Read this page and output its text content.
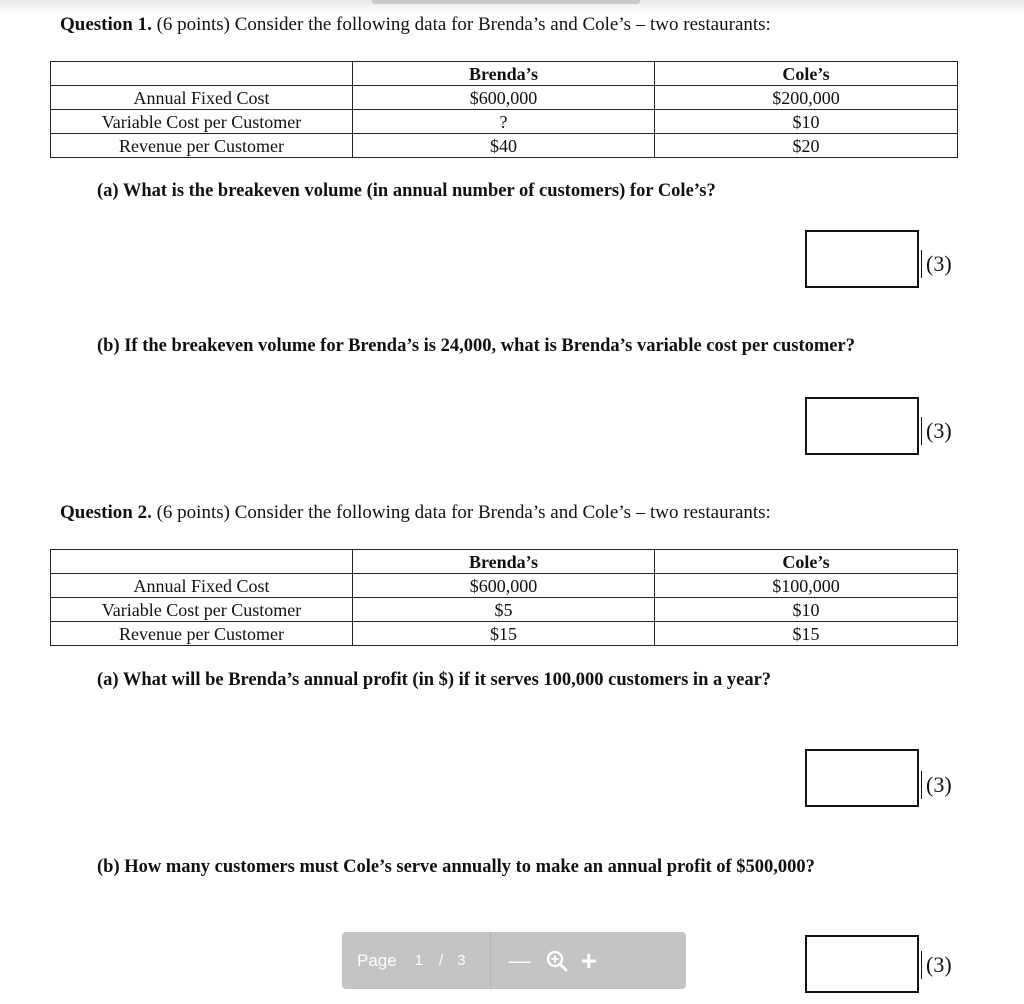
Question 1. (6 points) Consider the following data for Brenda’s and Cole’s – two restaurants:
	Brenda’s	Cole’s
Annual Fixed Cost	$600,000	$200,000
Variable Cost per Customer	?	$10
Revenue per Customer	$40	$20
(a) What is the breakeven volume (in annual number of customers) for Cole’s?
(3)
(b) If the breakeven volume for Brenda’s is 24,000, what is Brenda’s variable cost per customer?
(3)
Question 2. (6 points) Consider the following data for Brenda’s and Cole’s – two restaurants:
	Brenda’s	Cole’s
Annual Fixed Cost	$600,000	$100,000
Variable Cost per Customer	$5	$10
Revenue per Customer	$15	$15
(a) What will be Brenda’s annual profit (in $) if it serves 100,000 customers in a year?
(3)
(b) How many customers must Cole’s serve annually to make an annual profit of $500,000?
(3)
Page 1 / 3 — +
